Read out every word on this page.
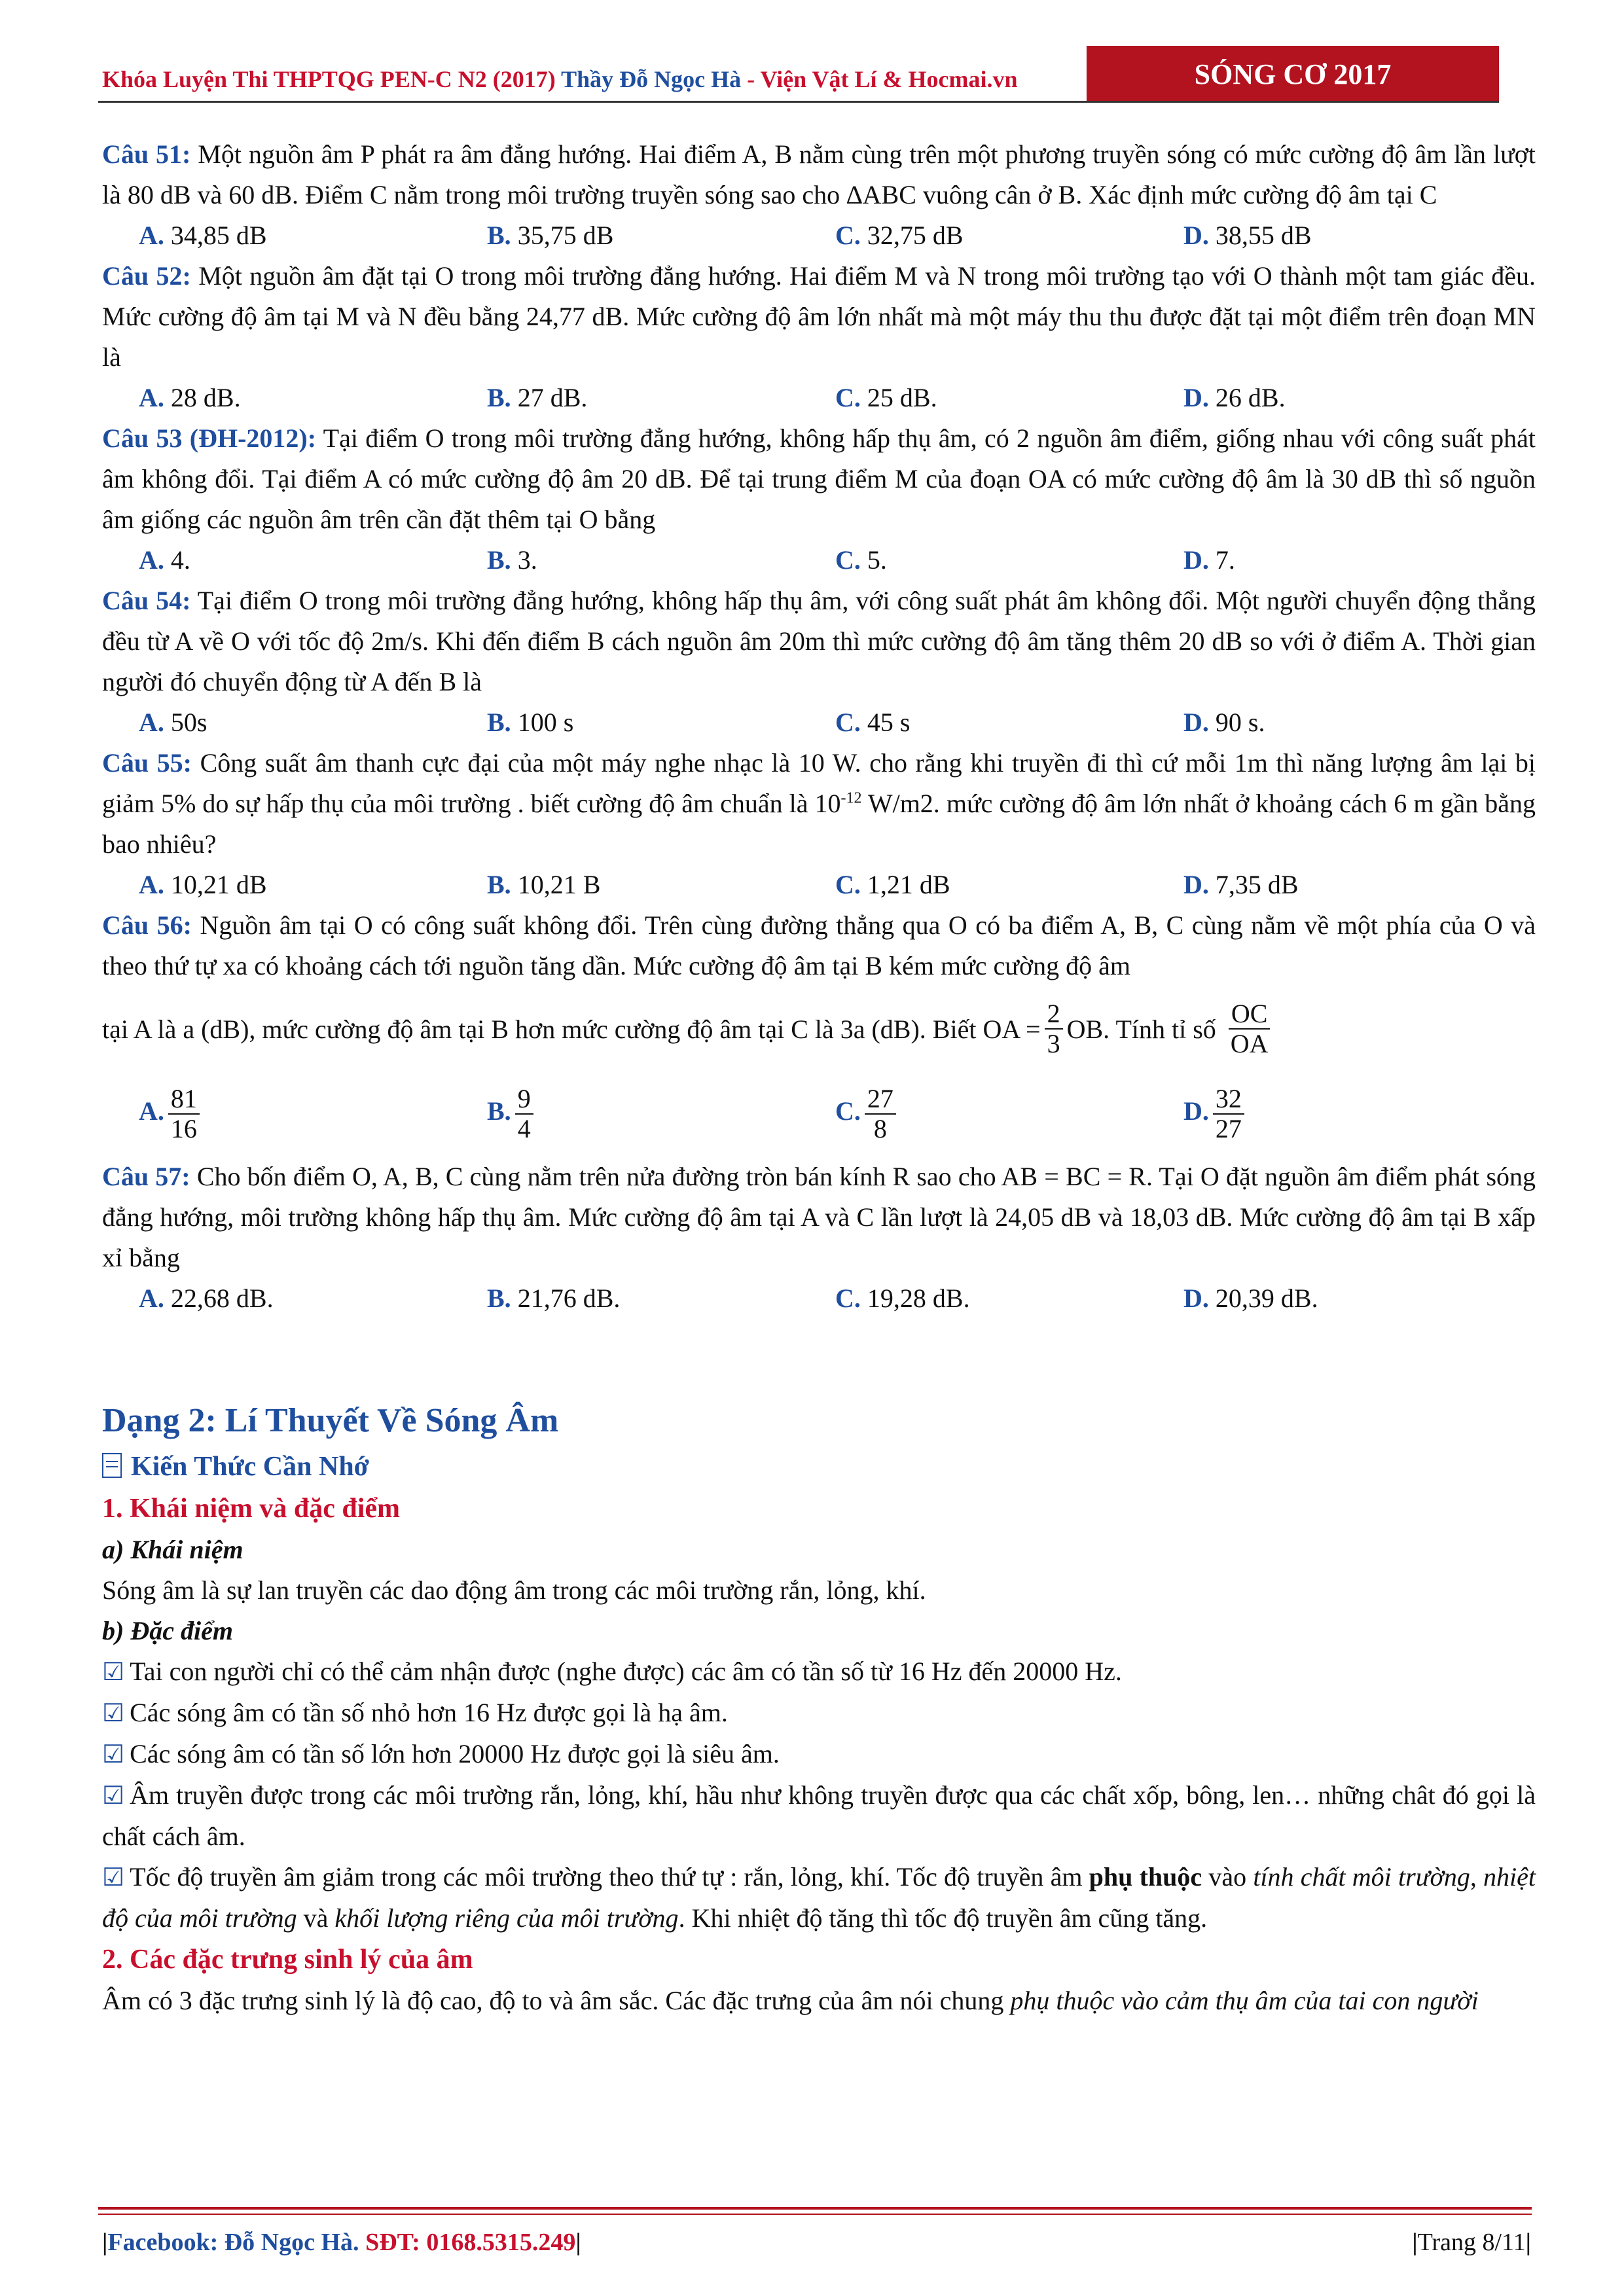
Khóa Luyện Thi THPTQG PEN-C N2 (2017) Thầy Đỗ Ngọc Hà - Viện Vật Lí & Hocmai.vn	SÓNG CƠ 2017

Câu 51: Một nguồn âm P phát ra âm đẳng hướng. Hai điểm A, B nằm cùng trên một phương truyền sóng có mức cường độ âm lần lượt là 80 dB và 60 dB. Điểm C nằm trong môi trường truyền sóng sao cho ∆ABC vuông cân ở B. Xác định mức cường độ âm tại C

A. 34,85 dB	B. 35,75 dB	C. 32,75 dB	D. 38,55 dB

Câu 52: Một nguồn âm đặt tại O trong môi trường đẳng hướng. Hai điểm M và N trong môi trường tạo với O thành một tam giác đều. Mức cường độ âm tại M và N đều bằng 24,77 dB. Mức cường độ âm lớn nhất mà một máy thu thu được đặt tại một điểm trên đoạn MN là

A. 28 dB.	B. 27 dB.	C. 25 dB.	D. 26 dB.

Câu 53 (ĐH-2012): Tại điểm O trong môi trường đẳng hướng, không hấp thụ âm, có 2 nguồn âm điểm, giống nhau với công suất phát âm không đổi. Tại điểm A có mức cường độ âm 20 dB. Để tại trung điểm M của đoạn OA có mức cường độ âm là 30 dB thì số nguồn âm giống các nguồn âm trên cần đặt thêm tại O bằng

A. 4.	B. 3.	C. 5.	D. 7.

Câu 54: Tại điểm O trong môi trường đẳng hướng, không hấp thụ âm, với công suất phát âm không đổi. Một người chuyển động thẳng đều từ A về O với tốc độ 2m/s. Khi đến điểm B cách nguồn âm 20m thì mức cường độ âm tăng thêm 20 dB so với ở điểm A. Thời gian người đó chuyển động từ A đến B là

A. 50s	B. 100 s	C. 45 s	D. 90 s.

Câu 55: Công suất âm thanh cực đại của một máy nghe nhạc là 10 W. cho rằng khi truyền đi thì cứ mỗi 1m thì năng lượng âm lại bị giảm 5% do sự hấp thụ của môi trường . biết cường độ âm chuẩn là $10^{-12}$ W/m2. mức cường độ âm lớn nhất ở khoảng cách 6 m gần bằng bao nhiêu?

A. 10,21 dB	B. 10,21 B	C. 1,21 dB	D. 7,35 dB

Câu 56: Nguồn âm tại O có công suất không đổi. Trên cùng đường thẳng qua O có ba điểm A, B, C cùng nằm về một phía của O và theo thứ tự xa có khoảng cách tới nguồn tăng dần. Mức cường độ âm tại B kém mức cường độ âm

tại A là a (dB), mức cường độ âm tại B hơn mức cường độ âm tại C là 3a (dB). Biết OA = $\frac{2}{3}$ OB. Tính tỉ số $\frac{OC}{OA}$
A. $\frac{81}{16}$	B. $\frac{9}{4}$	C. $\frac{27}{8}$	D. $\frac{32}{27}$

Câu 57: Cho bốn điểm O, A, B, C cùng nằm trên nửa đường tròn bán kính R sao cho AB = BC = R. Tại O đặt nguồn âm điểm phát sóng đẳng hướng, môi trường không hấp thụ âm. Mức cường độ âm tại A và C lần lượt là 24,05 dB và 18,03 dB. Mức cường độ âm tại B xấp xỉ bằng

A. 22,68 dB.	B. 21,76 dB.	C. 19,28 dB.	D. 20,39 dB.
Dạng 2: Lí Thuyết Về Sóng Âm
Kiến Thức Cần Nhớ
1. Khái niệm và đặc điểm
a) Khái niệm

Sóng âm là sự lan truyền các dao động âm trong các môi trường rắn, lỏng, khí.

b) Đặc điểm

☑ Tai con người chỉ có thể cảm nhận được (nghe được) các âm có tần số từ 16 Hz đến 20000 Hz.

☑ Các sóng âm có tần số nhỏ hơn 16 Hz được gọi là hạ âm.

☑ Các sóng âm có tần số lớn hơn 20000 Hz được gọi là siêu âm.

☑ Âm truyền được trong các môi trường rắn, lỏng, khí, hầu như không truyền được qua các chất xốp, bông, len… những chât đó gọi là chất cách âm.

☑ Tốc độ truyền âm giảm trong các môi trường theo thứ tự : rắn, lỏng, khí. Tốc độ truyền âm phụ thuộc vào tính chất môi trường, nhiệt độ của môi trường và khối lượng riêng của môi trường. Khi nhiệt độ tăng thì tốc độ truyền âm cũng tăng.

2. Các đặc trưng sinh lý của âm

Âm có 3 đặc trưng sinh lý là độ cao, độ to và âm sắc. Các đặc trưng của âm nói chung phụ thuộc vào cảm thụ âm của tai con người

|Facebook: Đỗ Ngọc Hà. SĐT: 0168.5315.249|	|Trang 8/11|
